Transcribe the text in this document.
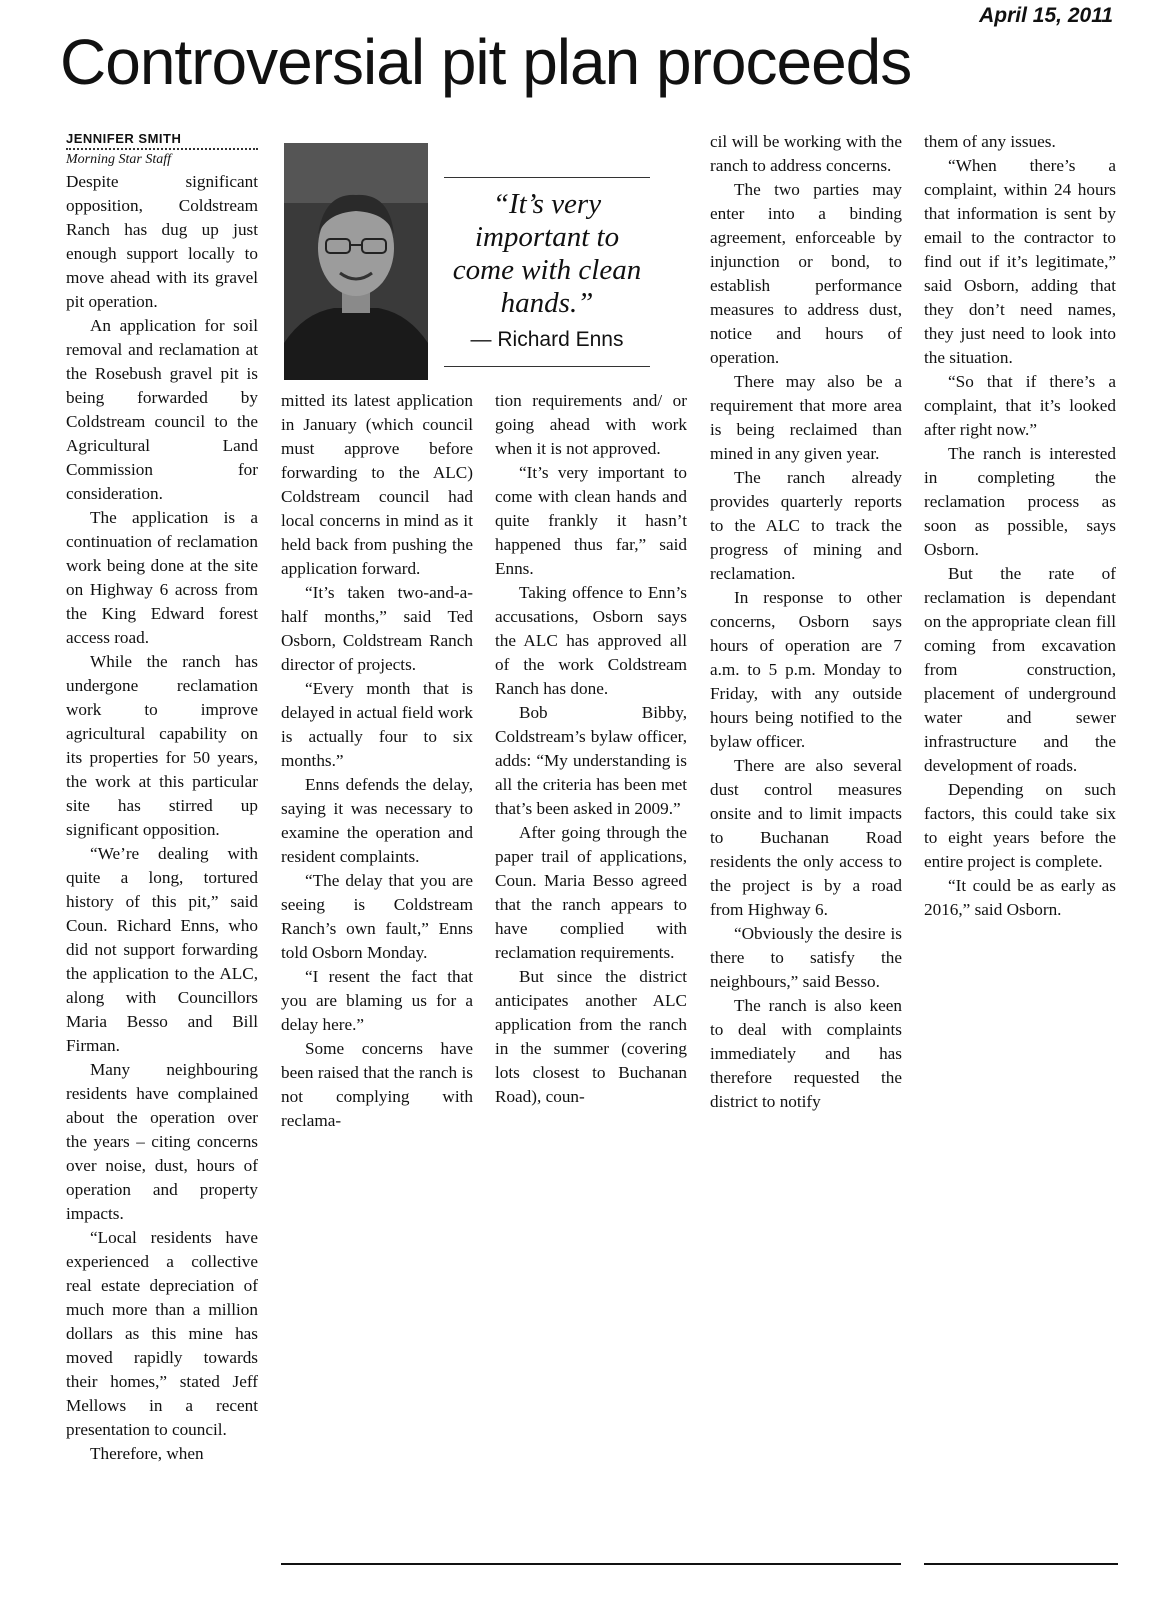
April 15, 2011
Controversial pit plan proceeds
JENNIFER SMITH
Morning Star Staff
“It’s very important to come with clean hands.”
— Richard Enns

Despite significant opposition, Coldstream Ranch has dug up just enough support locally to move ahead with its gravel pit operation.

An application for soil removal and reclamation at the Rosebush gravel pit is being forwarded by Coldstream council to the Agricultural Land Commission for consideration.

The application is a continuation of reclamation work being done at the site on Highway 6 across from the King Edward forest access road.

While the ranch has undergone reclamation work to improve agricultural capability on its properties for 50 years, the work at this particular site has stirred up significant opposition.

“We’re dealing with quite a long, tortured history of this pit,” said Coun. Richard Enns, who did not support forwarding the application to the ALC, along with Councillors Maria Besso and Bill Firman.

Many neighbouring residents have complained about the operation over the years – citing concerns over noise, dust, hours of operation and property impacts.

“Local residents have experienced a collective real estate depreciation of much more than a million dollars as this mine has moved rapidly towards their homes,” stated Jeff Mellows in a recent presentation to council.

Therefore, when

mitted its latest application in January (which council must approve before forwarding to the ALC) Coldstream council had local concerns in mind as it held back from pushing the application forward.

“It’s taken two-and-a-half months,” said Ted Osborn, Coldstream Ranch director of projects.

“Every month that is delayed in actual field work is actually four to six months.”

Enns defends the delay, saying it was necessary to examine the operation and resident complaints.

“The delay that you are seeing is Coldstream Ranch’s own fault,” Enns told Osborn Monday.

“I resent the fact that you are blaming us for a delay here.”

Some concerns have been raised that the ranch is not complying with reclama-

tion requirements and/ or going ahead with work when it is not approved.

“It’s very important to come with clean hands and quite frankly it hasn’t happened thus far,” said Enns.

Taking offence to Enn’s accusations, Osborn says the ALC has approved all of the work Coldstream Ranch has done.

Bob Bibby, Coldstream’s bylaw officer, adds: “My understanding is all the criteria has been met that’s been asked in 2009.”

After going through the paper trail of applications, Coun. Maria Besso agreed that the ranch appears to have complied with reclamation requirements.

But since the district anticipates another ALC application from the ranch in the summer (covering lots closest to Buchanan Road), coun-

cil will be working with the ranch to address concerns.

The two parties may enter into a binding agreement, enforceable by injunction or bond, to establish performance measures to address dust, notice and hours of operation.

There may also be a requirement that more area is being reclaimed than mined in any given year.

The ranch already provides quarterly reports to the ALC to track the progress of mining and reclamation.

In response to other concerns, Osborn says hours of operation are 7 a.m. to 5 p.m. Monday to Friday, with any outside hours being notified to the bylaw officer.

There are also several dust control measures onsite and to limit impacts to Buchanan Road residents the only access to the project is by a road from Highway 6.

“Obviously the desire is there to satisfy the neighbours,” said Besso.

The ranch is also keen to deal with complaints immediately and has therefore requested the district to notify

them of any issues.

“When there’s a complaint, within 24 hours that information is sent by email to the contractor to find out if it’s legitimate,” said Osborn, adding that they don’t need names, they just need to look into the situation.

“So that if there’s a complaint, that it’s looked after right now.”

The ranch is interested in completing the reclamation process as soon as possible, says Osborn.

But the rate of reclamation is dependant on the appropriate clean fill coming from excavation from construction, placement of underground water and sewer infrastructure and the development of roads.

Depending on such factors, this could take six to eight years before the entire project is complete.

“It could be as early as 2016,” said Osborn.
